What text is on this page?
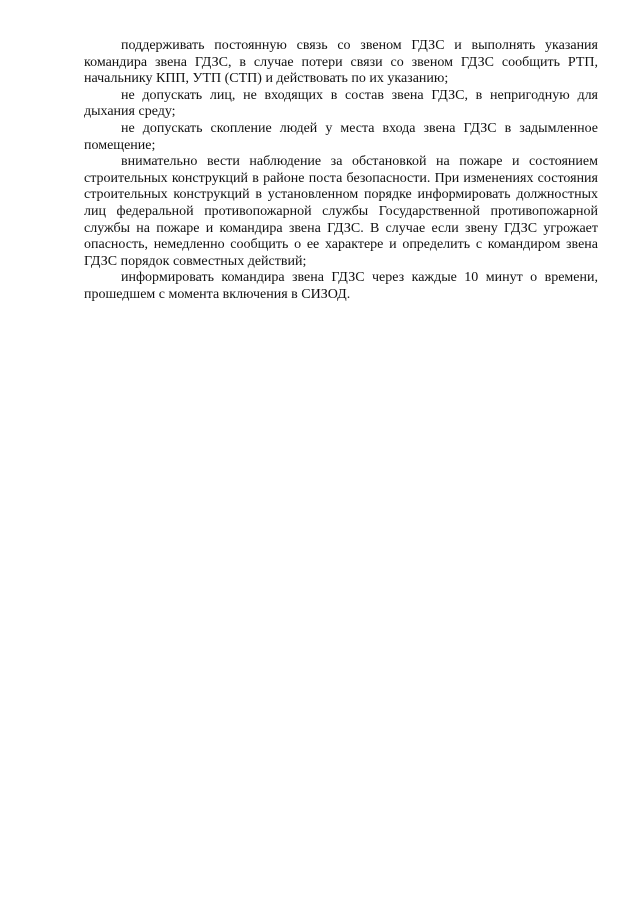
поддерживать постоянную связь со звеном ГДЗС и выполнять указания командира звена ГДЗС, в случае потери связи со звеном ГДЗС сообщить РТП, начальнику КПП, УТП (СТП) и действовать по их указанию;

не допускать лиц, не входящих в состав звена ГДЗС, в непригодную для дыхания среду;

не допускать скопление людей у места входа звена ГДЗС в задымленное помещение;

внимательно вести наблюдение за обстановкой на пожаре и состоянием строительных конструкций в районе поста безопасности. При изменениях состояния строительных конструкций в установленном порядке информировать должностных лиц федеральной противопожарной службы Государственной противопожарной службы на пожаре и командира звена ГДЗС. В случае если звену ГДЗС угрожает опасность, немедленно сообщить о ее характере и определить с командиром звена ГДЗС порядок совместных действий;

информировать командира звена ГДЗС через каждые 10 минут о времени, прошедшем с момента включения в СИЗОД.
